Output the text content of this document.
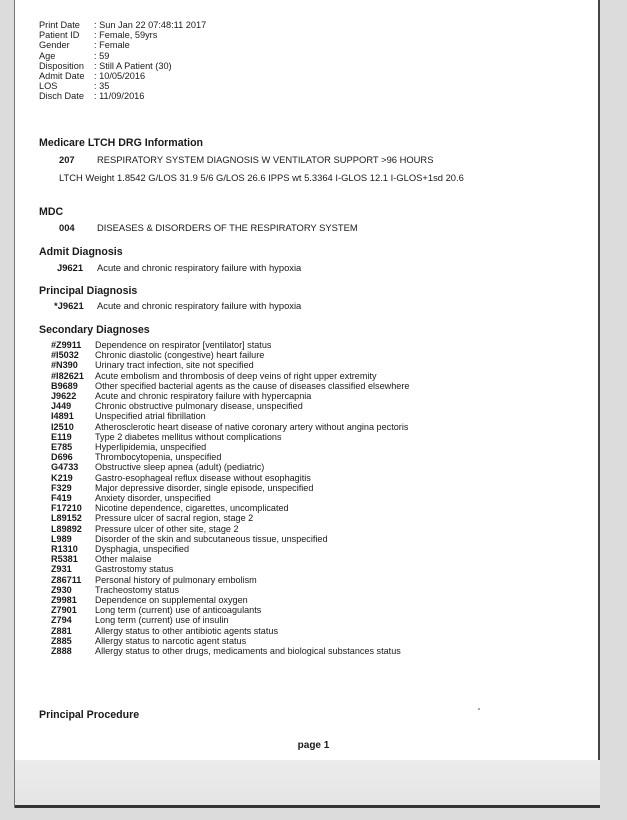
Print Date	: Sun Jan 22 07:48:11 2017
Patient ID	: Female, 59yrs
Gender	: Female
Age	: 59
Disposition	: Still A Patient (30)
Admit Date	: 10/05/2016
LOS	: 35
Disch Date	: 11/09/2016
Medicare LTCH DRG Information
207 RESPIRATORY SYSTEM DIAGNOSIS W VENTILATOR SUPPORT >96 HOURS
LTCH Weight 1.8542 G/LOS 31.9 5/6 G/LOS 26.6 IPPS wt 5.3364 I-GLOS 12.1 I-GLOS+1sd 20.6
MDC
004 DISEASES & DISORDERS OF THE RESPIRATORY SYSTEM
Admit Diagnosis
J9621 Acute and chronic respiratory failure with hypoxia
Principal Diagnosis
*J9621 Acute and chronic respiratory failure with hypoxia
Secondary Diagnoses
#Z9911	Dependence on respirator [ventilator] status
#I5032	Chronic diastolic (congestive) heart failure
#N390	Urinary tract infection, site not specified
#I82621	Acute embolism and thrombosis of deep veins of right upper extremity
B9689	Other specified bacterial agents as the cause of diseases classified elsewhere
J9622	Acute and chronic respiratory failure with hypercapnia
J449	Chronic obstructive pulmonary disease, unspecified
I4891	Unspecified atrial fibrillation
I2510	Atherosclerotic heart disease of native coronary artery without angina pectoris
E119	Type 2 diabetes mellitus without complications
E785	Hyperlipidemia, unspecified
D696	Thrombocytopenia, unspecified
G4733	Obstructive sleep apnea (adult) (pediatric)
K219	Gastro-esophageal reflux disease without esophagitis
F329	Major depressive disorder, single episode, unspecified
F419	Anxiety disorder, unspecified
F17210	Nicotine dependence, cigarettes, uncomplicated
L89152	Pressure ulcer of sacral region, stage 2
L89892	Pressure ulcer of other site, stage 2
L989	Disorder of the skin and subcutaneous tissue, unspecified
R1310	Dysphagia, unspecified
R5381	Other malaise
Z931	Gastrostomy status
Z86711	Personal history of pulmonary embolism
Z930	Tracheostomy status
Z9981	Dependence on supplemental oxygen
Z7901	Long term (current) use of anticoagulants
Z794	Long term (current) use of insulin
Z881	Allergy status to other antibiotic agents status
Z885	Allergy status to narcotic agent status
Z888	Allergy status to other drugs, medicaments and biological substances status
Principal Procedure
page 1
